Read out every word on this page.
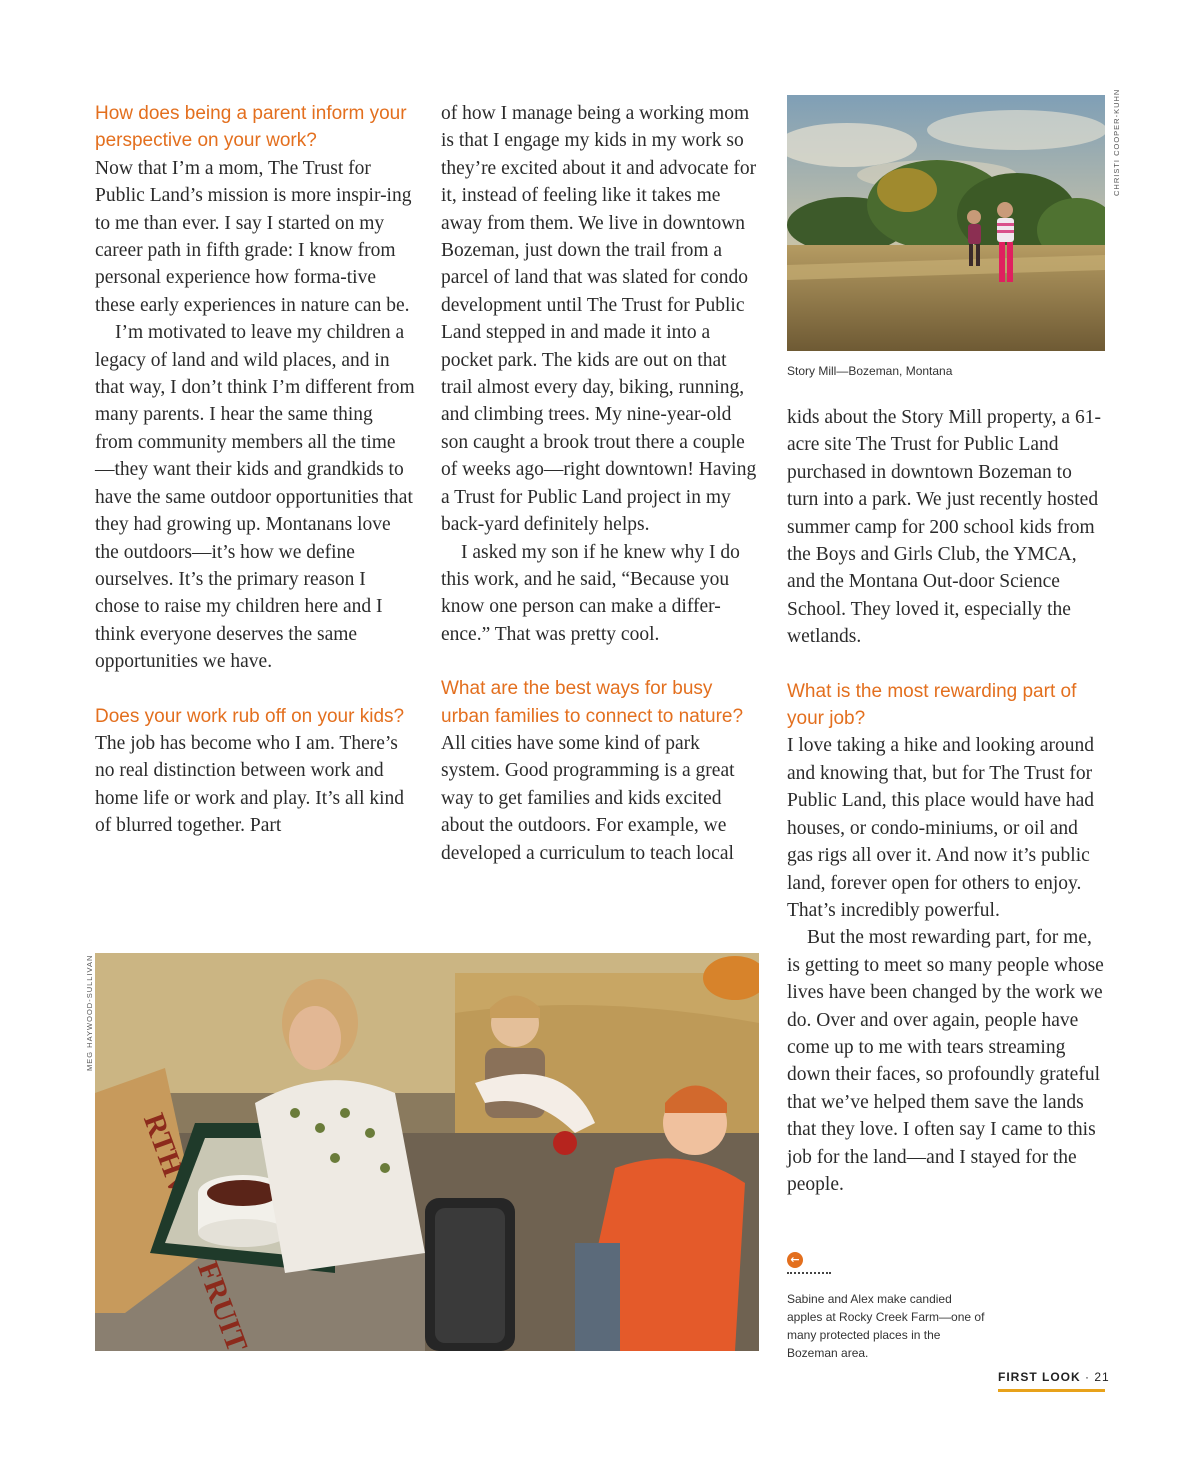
How does being a parent inform your perspective on your work?

Now that I’m a mom, The Trust for Public Land’s mission is more inspir-ing to me than ever. I say I started on my career path in fifth grade: I know from personal experience how forma-tive these early experiences in nature can be.

I’m motivated to leave my children a legacy of land and wild places, and in that way, I don’t think I’m different from many parents. I hear the same thing from community members all the time—they want their kids and grandkids to have the same outdoor opportunities that they had growing up. Montanans love the outdoors—it’s how we define ourselves. It’s the primary reason I chose to raise my children here and I think everyone deserves the same opportunities we have.

Does your work rub off on your kids?

The job has become who I am. There’s no real distinction between work and home life or work and play. It’s all kind of blurred together. Part

of how I manage being a working mom is that I engage my kids in my work so they’re excited about it and advocate for it, instead of feeling like it takes me away from them. We live in downtown Bozeman, just down the trail from a parcel of land that was slated for condo development until The Trust for Public Land stepped in and made it into a pocket park. The kids are out on that trail almost every day, biking, running, and climbing trees. My nine-year-old son caught a brook trout there a couple of weeks ago—right downtown! Having a Trust for Public Land project in my back-yard definitely helps.

I asked my son if he knew why I do this work, and he said, “Because you know one person can make a differ-ence.” That was pretty cool.

What are the best ways for busy urban families to connect to nature?

All cities have some kind of park system. Good programming is a great way to get families and kids excited about the outdoors. For example, we developed a curriculum to teach local

CHRISTI COOPER-KUHN

Story Mill—Bozeman, Montana

kids about the Story Mill property, a 61-acre site The Trust for Public Land purchased in downtown Bozeman to turn into a park. We just recently hosted summer camp for 200 school kids from the Boys and Girls Club, the YMCA, and the Montana Out-door Science School. They loved it, especially the wetlands.

What is the most rewarding part of your job?

I love taking a hike and looking around and knowing that, but for The Trust for Public Land, this place would have had houses, or condo-miniums, or oil and gas rigs all over it. And now it’s public land, forever open for others to enjoy. That’s incredibly powerful.

But the most rewarding part, for me, is getting to meet so many people whose lives have been changed by the work we do. Over and over again, people have come up to me with tears streaming down their faces, so profoundly grateful that we’ve helped them save the lands that they love. I often say I came to this job for the land—and I stayed for the people.

FRUIT
MEG HAYWOOD-SULLIVAN
←

Sabine and Alex make candied apples at Rocky Creek Farm—one of many protected places in the Bozeman area.

FIRST LOOK · 21
